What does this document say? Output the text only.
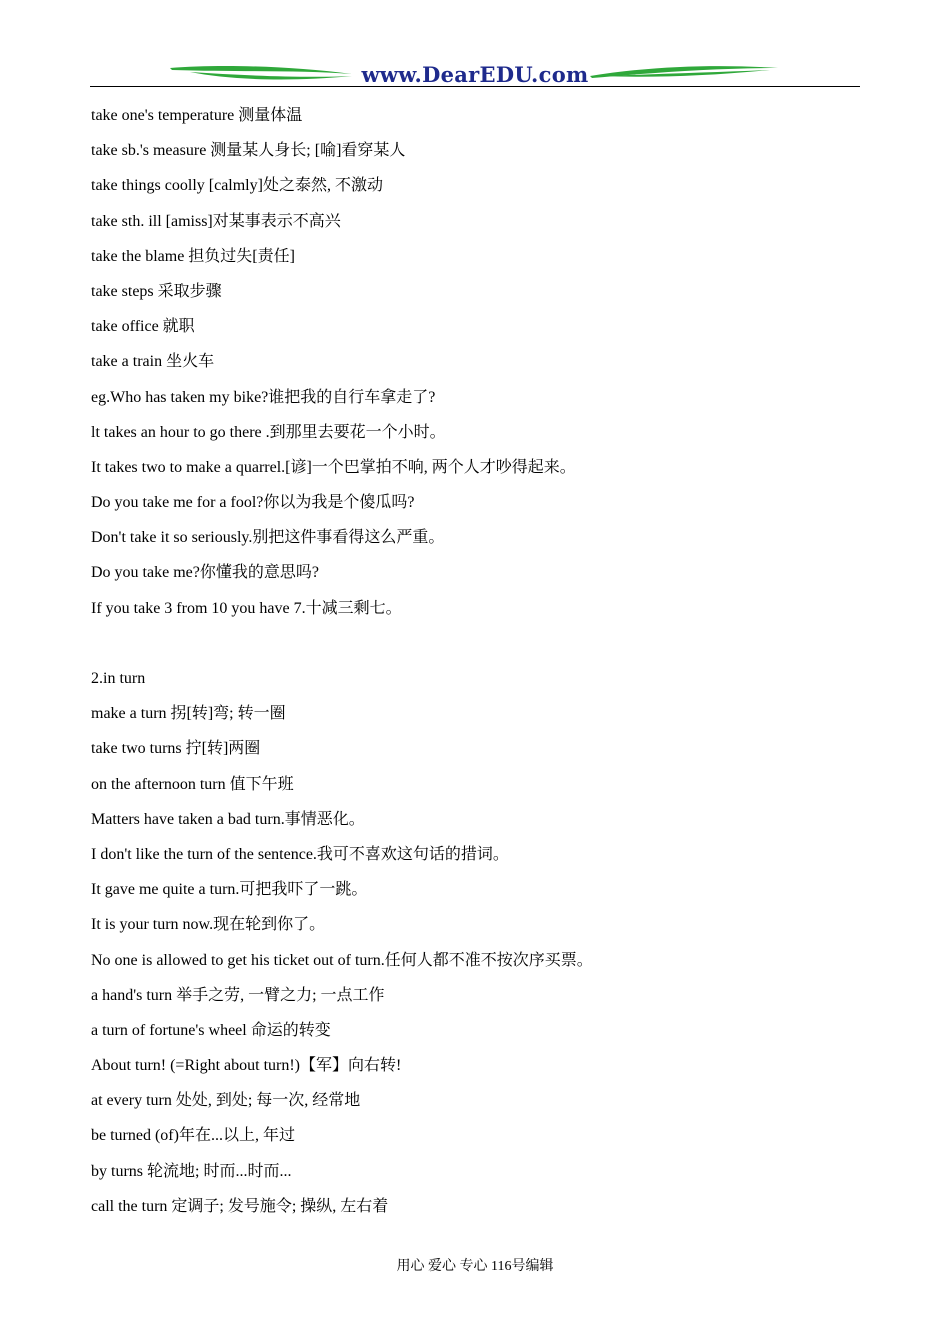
www.DearEDU.com
take one's temperature 测量体温
take sb.'s measure 测量某人身长; [喻]看穿某人
take things coolly [calmly]处之泰然, 不激动
take sth. ill [amiss]对某事表示不高兴
take the blame 担负过失[责任]
take steps 采取步骤
take office 就职
take a train 坐火车
eg.Who has taken my bike?谁把我的自行车拿走了?
lt takes an hour to go there .到那里去要花一个小时。
It takes two to make a quarrel.[谚]一个巴掌拍不响, 两个人才吵得起来。
Do you take me for a fool?你以为我是个傻瓜吗?
Don't take it so seriously.别把这件事看得这么严重。
Do you take me?你懂我的意思吗?
If you take 3 from 10 you have 7.十减三剩七。
2.in turn
make a turn 拐[转]弯; 转一圈
take two turns 拧[转]两圈
on the afternoon turn 值下午班
Matters have taken a bad turn.事情恶化。
I don't like the turn of the sentence.我可不喜欢这句话的措词。
It gave me quite a turn.可把我吓了一跳。
It is your turn now.现在轮到你了。
No one is allowed to get his ticket out of turn.任何人都不准不按次序买票。
a hand's turn 举手之劳, 一臂之力; 一点工作
a turn of fortune's wheel 命运的转变
About turn! (=Right about turn!)【军】向右转!
at every turn 处处, 到处; 每一次, 经常地
be turned (of)年在...以上, 年过
by turns 轮流地; 时而...时而...
call the turn 定调子; 发号施令; 操纵, 左右着
用心 爱心 专心 116号编辑
